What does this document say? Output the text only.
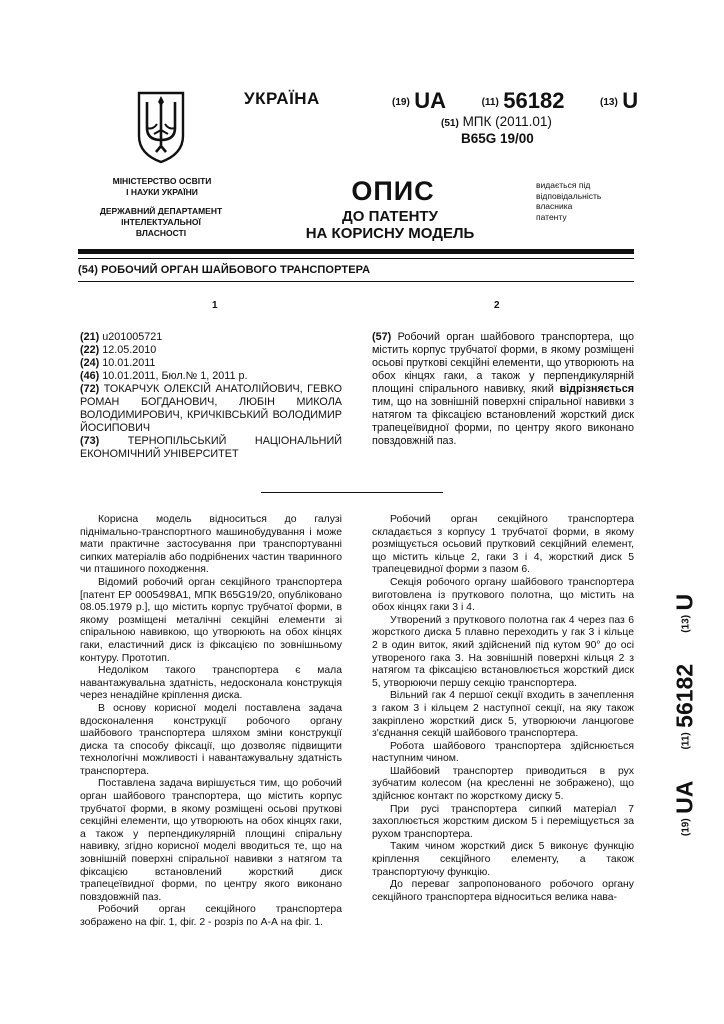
УКРАЇНА
МІНІСТЕРСТВО ОСВІТИ
І НАУКИ УКРАЇНИ
ДЕРЖАВНИЙ ДЕПАРТАМЕНТ
ІНТЕЛЕКТУАЛЬНОЇ
ВЛАСНОСТІ
(19) UA	(11) 56182	(13) U
(51) МПК (2011.01)
B65G 19/00
ОПИС
ДО ПАТЕНТУ
НА КОРИСНУ МОДЕЛЬ
видається під
відповідальність
власника
патенту
(54) РОБОЧИЙ ОРГАН ШАЙБОВОГО ТРАНСПОРТЕРА
1	2
(21) u201005721
(22) 12.05.2010
(24) 10.01.2011
(46) 10.01.2011, Бюл.№ 1, 2011 р.
(72) ТОКАРЧУК ОЛЕКСІЙ АНАТОЛІЙОВИЧ, ГЕВКО РОМАН БОГДАНОВИЧ, ЛЮБІН МИКОЛА ВОЛОДИМИРОВИЧ, КРИЧКІВСЬКИЙ ВОЛОДИМИР ЙОСИПОВИЧ
(73) ТЕРНОПІЛЬСЬКИЙ НАЦІОНАЛЬНИЙ ЕКОНОМІЧНИЙ УНІВЕРСИТЕТ
(57) Робочий орган шайбового транспортера, що містить корпус трубчатої форми, в якому розміщені осьові пруткові секційні елементи, що утворюють на обох кінцях гаки, а також у перпендикулярній площині спірального навивку, який відрізняється тим, що на зовнішній поверхні спіральної навивки з натягом та фіксацією встановлений жорсткий диск трапецеївидної форми, по центру якого виконано повздовжній паз.

Корисна модель відноситься до галузі піднімально-транспортного машинобудування і може мати практичне застосування при транспортуванні сипких матеріалів або подрібнених частин тваринного чи пташиного походження.

Відомий робочий орган секційного транспортера [патент ЕР 0005498А1, МПК B65G19/20, опубліковано 08.05.1979 р.], що містить корпус трубчатої форми, в якому розміщені металічні секційні елементи зі спіральною навивкою, що утворюють на обох кінцях гаки, еластичний диск із фіксацією по зовнішньому контуру. Прототип.

Недоліком такого транспортера є мала навантажувальна здатність, недосконала конструкція через ненадійне кріплення диска.

В основу корисної моделі поставлена задача вдосконалення конструкції робочого органу шайбового транспортера шляхом зміни конструкції диска та способу фіксації, що дозволяє підвищити технологічні можливості і навантажувальну здатність транспортера.

Поставлена задача вирішується тим, що робочий орган шайбового транспортера, що містить корпус трубчатої форми, в якому розміщені осьові пруткові секційні елементи, що утворюють на обох кінцях гаки, а також у перпендикулярній площині спіральну навивку, згідно корисної моделі вводиться те, що на зовнішній поверхні спіральної навивки з натягом та фіксацією встановлений жорсткий диск трапецеївидної форми, по центру якого виконано повздовжній паз.

Робочий орган секційного транспортера зображено на фіг. 1, фіг. 2 - розріз по А-А на фіг. 1.

Робочий орган секційного транспортера складається з корпусу 1 трубчатої форми, в якому розміщується осьовий прутковий секційний елемент, що містить кільце 2, гаки 3 і 4, жорсткий диск 5 трапецевидної форми з пазом 6.

Секція робочого органу шайбового транспортера виготовлена із пруткового полотна, що містить на обох кінцях гаки 3 і 4.

Утворений з пруткового полотна гак 4 через паз 6 жорсткого диска 5 плавно переходить у гак 3 і кільце 2 в один виток, який здійснений під кутом 90° до осі утвореного гака 3. На зовнішній поверхні кільця 2 з натягом та фіксацією встановлюється жорсткий диск 5, утворюючи першу секцію транспортера.

Вільний гак 4 першої секції входить в зачеплення з гаком 3 і кільцем 2 наступної секції, на яку також закріплено жорсткий диск 5, утворюючи ланцюгове з'єднання секцій шайбового транспортера.

Робота шайбового транспортера здійснюється наступним чином.

Шайбовий транспортер приводиться в рух зубчатим колесом (на кресленні не зображено), що здійснює контакт по жорсткому диску 5.

При русі транспортера сипкий матеріал 7 захоплюється жорстким диском 5 і переміщується за рухом транспортера.

Таким чином жорсткий диск 5 виконує функцію кріплення секційного елементу, а також транспортуючу функцію.

До переваг запропонованого робочого органу секційного транспортера відноситься велика нава-

$^{(19)}$ UA       $^{(11)}$ 56182       $^{(13)}$ U
